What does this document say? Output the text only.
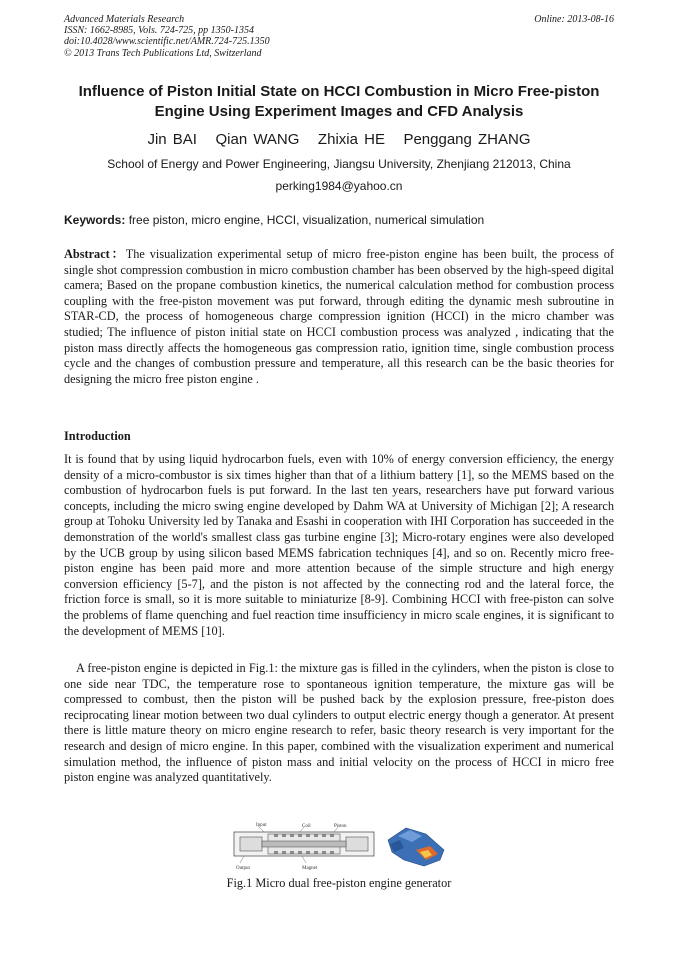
Advanced Materials Research
ISSN: 1662-8985, Vols. 724-725, pp 1350-1354
doi:10.4028/www.scientific.net/AMR.724-725.1350
© 2013 Trans Tech Publications Ltd, Switzerland
Online: 2013-08-16
Influence of Piston Initial State on HCCI Combustion in Micro Free-piston Engine Using Experiment Images and CFD Analysis
Jin BAI   Qian WANG   Zhixia HE   Penggang ZHANG
School of Energy and Power Engineering, Jiangsu University, Zhenjiang 212013, China
perking1984@yahoo.cn
Keywords: free piston, micro engine, HCCI, visualization, numerical simulation
Abstract：The visualization experimental setup of micro free-piston engine has been built, the process of single shot compression combustion in micro combustion chamber has been observed by the high-speed digital camera; Based on the propane combustion kinetics, the numerical calculation method for combustion process coupling with the free-piston movement was put forward, through editing the dynamic mesh subroutine in STAR-CD, the process of homogeneous charge compression ignition (HCCI) in the micro chamber was studied; The influence of piston initial state on HCCI combustion process was analyzed , indicating that the piston mass directly affects the homogeneous gas compression ratio, ignition time, single combustion process cycle and the changes of combustion pressure and temperature, all this research can be the basic theories for designing the micro free piston engine .
Introduction
It is found that by using liquid hydrocarbon fuels, even with 10% of energy conversion efficiency, the energy density of a micro-combustor is six times higher than that of a lithium battery [1], so the MEMS based on the combustion of hydrocarbon fuels is put forward. In the last ten years, researchers have put forward various concepts, including the micro swing engine developed by Dahm WA at University of Michigan [2]; A research group at Tohoku University led by Tanaka and Esashi in cooperation with IHI Corporation has succeeded in the demonstration of the world's smallest class gas turbine engine [3]; Micro-rotary engines were also developed by the UCB group by using silicon based MEMS fabrication techniques [4], and so on. Recently micro free-piston engine has been paid more and more attention because of the simple structure and high energy conversion efficiency [5-7], and the piston is not affected by the connecting rod and the lateral force, the friction force is small, so it is more suitable to miniaturize [8-9]. Combining HCCI with free-piston can solve the problems of flame quenching and fuel reaction time insufficiency in micro scale engines, it is significant to the development of MEMS [10].
A free-piston engine is depicted in Fig.1: the mixture gas is filled in the cylinders, when the piston is close to one side near TDC, the temperature rose to spontaneous ignition temperature, the mixture gas will be compressed to combust, then the piston will be pushed back by the explosion pressure, free-piston does reciprocating linear motion between two dual cylinders to output electric energy though a generator. At present there is little mature theory on micro engine research to refer, basic theory research is very important for the research and design of micro engine. In this paper, combined with the visualization experiment and numerical simulation method, the influence of piston mass and initial velocity on the process of HCCI in micro free piston engine was analyzed quantitatively.
Input	Coil	Piston
Output	Magnet
Fig.1 Micro dual free-piston engine generator
